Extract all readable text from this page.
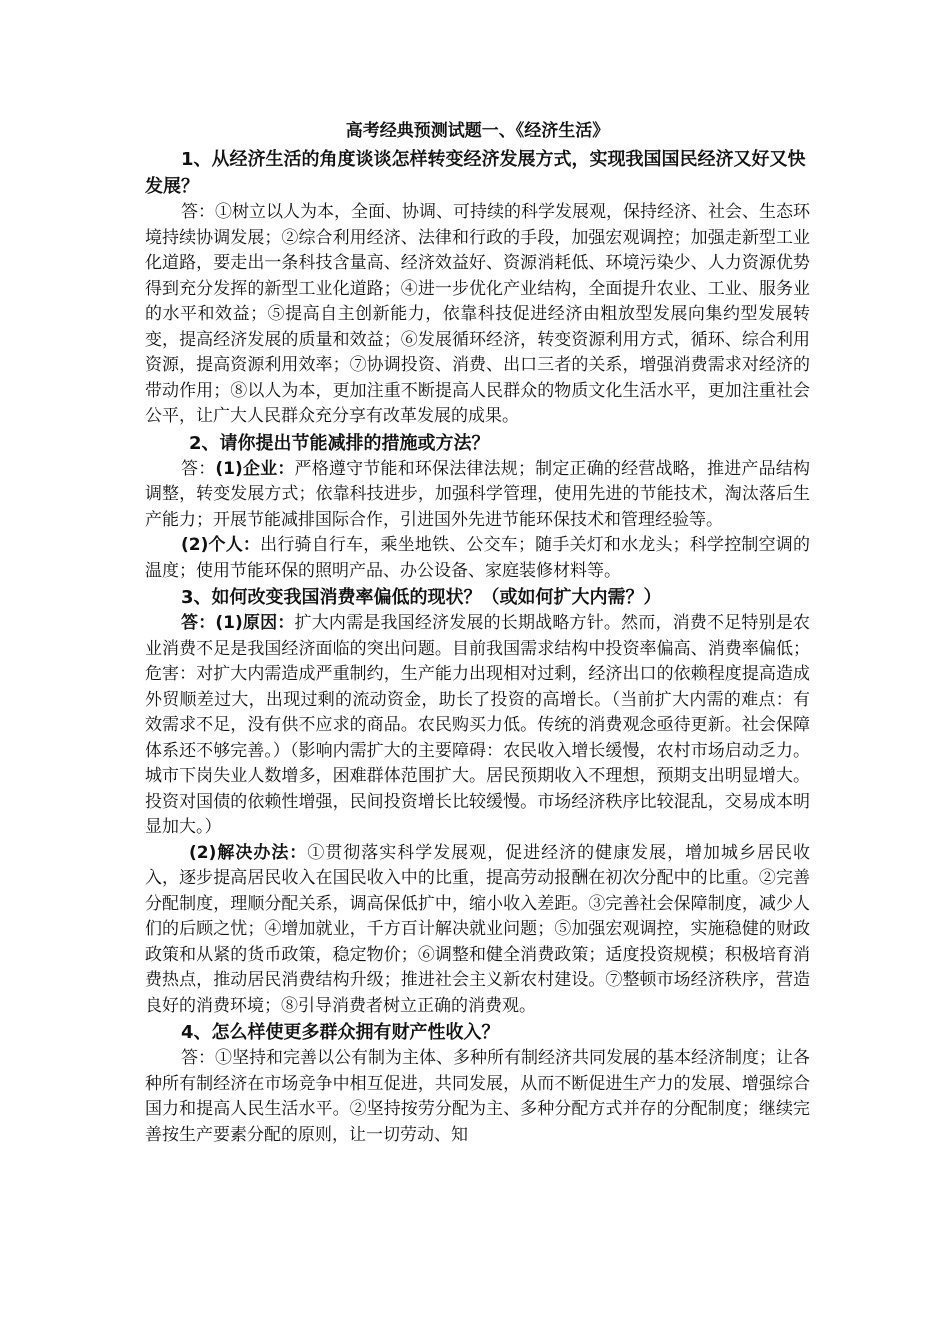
高考经典预测试题一、《经济生活》

1、从经济生活的角度谈谈怎样转变经济发展方式，实现我国国民经济又好又快发展？

答：①树立以人为本，全面、协调、可持续的科学发展观，保持经济、社会、生态环境持续协调发展；②综合利用经济、法律和行政的手段，加强宏观调控；加强走新型工业化道路，要走出一条科技含量高、经济效益好、资源消耗低、环境污染少、人力资源优势得到充分发挥的新型工业化道路；④进一步优化产业结构，全面提升农业、工业、服务业的水平和效益；⑤提高自主创新能力，依靠科技促进经济由粗放型发展向集约型发展转变，提高经济发展的质量和效益；⑥发展循环经济，转变资源利用方式，循环、综合利用资源，提高资源利用效率；⑦协调投资、消费、出口三者的关系，增强消费需求对经济的带动作用；⑧以人为本，更加注重不断提高人民群众的物质文化生活水平，更加注重社会公平，让广大人民群众充分享有改革发展的成果。

2、请你提出节能减排的措施或方法？

答：(1)企业：严格遵守节能和环保法律法规；制定正确的经营战略，推进产品结构调整，转变发展方式；依靠科技进步，加强科学管理，使用先进的节能技术，淘汰落后生产能力；开展节能减排国际合作，引进国外先进节能环保技术和管理经验等。

(2)个人：出行骑自行车，乘坐地铁、公交车；随手关灯和水龙头；科学控制空调的温度；使用节能环保的照明产品、办公设备、家庭装修材料等。

3、如何改变我国消费率偏低的现状？（或如何扩大内需？）

答：(1)原因：扩大内需是我国经济发展的长期战略方针。然而，消费不足特别是农业消费不足是我国经济面临的突出问题。目前我国需求结构中投资率偏高、消费率偏低；危害：对扩大内需造成严重制约，生产能力出现相对过剩，经济出口的依赖程度提高造成外贸顺差过大，出现过剩的流动资金，助长了投资的高增长。（当前扩大内需的难点：有效需求不足，没有供不应求的商品。农民购买力低。传统的消费观念亟待更新。社会保障体系还不够完善。）（影响内需扩大的主要障碍：农民收入增长缓慢，农村市场启动乏力。城市下岗失业人数增多，困难群体范围扩大。居民预期收入不理想，预期支出明显增大。投资对国债的依赖性增强，民间投资增长比较缓慢。市场经济秩序比较混乱，交易成本明显加大。）

(2)解决办法：①贯彻落实科学发展观，促进经济的健康发展，增加城乡居民收入，逐步提高居民收入在国民收入中的比重，提高劳动报酬在初次分配中的比重。②完善分配制度，理顺分配关系，调高保低扩中，缩小收入差距。③完善社会保障制度，减少人们的后顾之忧；④增加就业，千方百计解决就业问题；⑤加强宏观调控，实施稳健的财政政策和从紧的货币政策，稳定物价；⑥调整和健全消费政策；适度投资规模；积极培育消费热点，推动居民消费结构升级；推进社会主义新农村建设。⑦整顿市场经济秩序，营造良好的消费环境；⑧引导消费者树立正确的消费观。

4、怎么样使更多群众拥有财产性收入？

答：①坚持和完善以公有制为主体、多种所有制经济共同发展的基本经济制度；让各种所有制经济在市场竞争中相互促进，共同发展，从而不断促进生产力的发展、增强综合国力和提高人民生活水平。②坚持按劳分配为主、多种分配方式并存的分配制度；继续完善按生产要素分配的原则，让一切劳动、知
